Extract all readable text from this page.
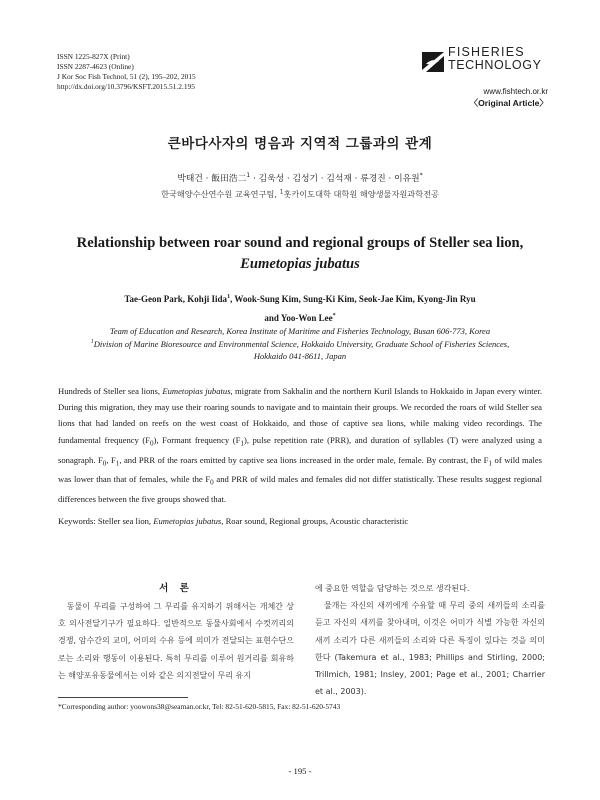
ISSN 1225-827X (Print)
ISSN 2287-4623 (Online)
J Kor Soc Fish Technol, 51 (2), 195–202, 2015
http://dx.doi.org/10.3796/KSFT.2015.51.2.195
FISHERIES
TECHNOLOGY
www.fishtech.or.kr
〈Original Article〉
큰바다사자의 명음과 지역적 그룹과의 관계
박태건 · 飯田浩二$^1$ · 김욱성 · 김성기 · 김석재 · 류경진 · 이유원*
한국해양수산연수원 교육연구팀, $^1$홋카이도대학 대학원 해양생물자원과학전공
Relationship between roar sound and regional groups of Steller sea lion,
Eumetopias jubatus
Tae-Geon Park, Kohji Iida$^1$, Wook-Sung Kim, Sung-Ki Kim, Seok-Jae Kim, Kyong-Jin Ryu
and Yoo-Won Lee*
Team of Education and Research, Korea Institute of Maritime and Fisheries Technology, Busan 606-773, Korea
$^1$Division of Marine Bioresource and Environmental Science, Hokkaido University, Graduate School of Fisheries Sciences,
Hokkaido 041-8611, Japan
Hundreds of Steller sea lions, Eumetopias jubatus, migrate from Sakhalin and the northern Kuril Islands to Hokkaido in Japan every winter. During this migration, they may use their roaring sounds to navigate and to maintain their groups. We recorded the roars of wild Steller sea lions that had landed on reefs on the west coast of Hokkaido, and those of captive sea lions, while making video recordings. The fundamental frequency $(F_0)$, Formant frequency $(F_1)$, pulse repetition rate (PRR), and duration of syllables (T) were analyzed using a sonagraph. $F_0$, $F_1$, and PRR of the roars emitted by captive sea lions increased in the order male, female. By contrast, the $F_1$ of wild males was lower than that of females, while the $F_0$ and PRR of wild males and females did not differ statistically. These results suggest regional differences between the five groups showed that.
Keywords: Steller sea lion, Eumetopias jubatus, Roar sound, Regional groups, Acoustic characteristic
서 론
　동물이 무리를 구성하여 그 무리를 유지하기 위해서는 개체간 상호 의사전달기구가 필요하다. 일반적으로 동물사회에서 수컷끼리의 경쟁, 암수간의 교미, 어미의 수유 등에 의미가 전달되는 표현수단으로는 소리와 행동이 이용된다. 특히 무리를 이루어 원거리를 회유하는 해양포유동물에서는 이와 같은 의지전달이 무리 유지
에 중요한 역할을 담당하는 것으로 생각된다.
　물개는 자신의 새끼에게 수유할 때 무리 중의 새끼들의 소리를 듣고 자신의 새끼를 찾아내며, 이것은 어미가 식별 가능한 자신의 새끼 소리가 다른 새끼들의 소리와 다른 특징이 있다는 것을 의미한다 (Takemura et al., 1983; Phillips and Stirling, 2000; Trillmich, 1981; Insley, 2001; Page et al., 2001; Charrier et al., 2003).
*Corresponding author: yoowons38@seaman.or.kr, Tel: 82-51-620-5815, Fax: 82-51-620-5743
- 195 -
